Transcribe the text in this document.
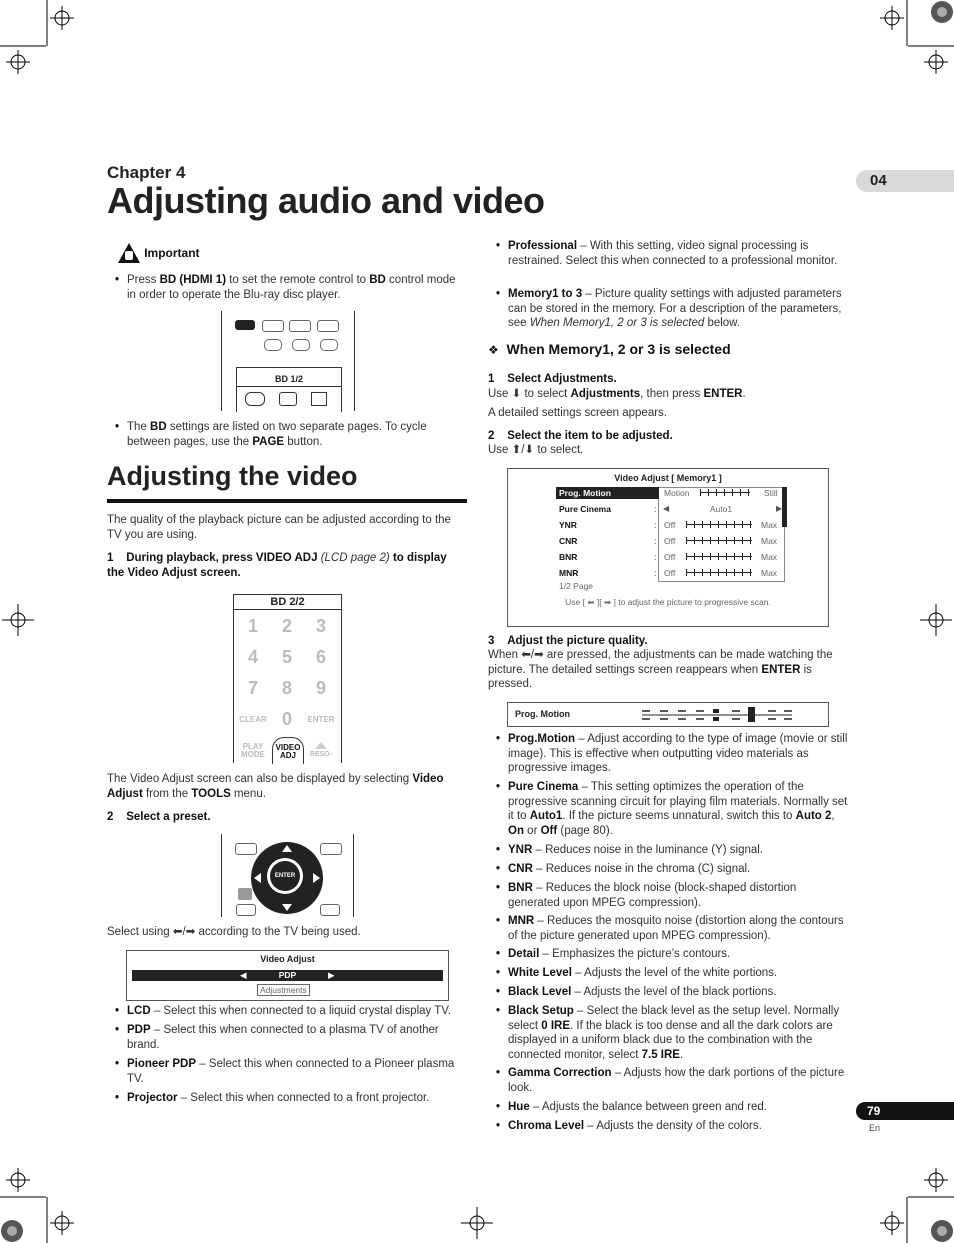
Chapter 4
Adjusting audio and video	04
Important
• Press BD (HDMI 1) to set the remote control to BD control mode in order to operate the Blu-ray disc player.
BD 1/2
• The BD settings are listed on two separate pages. To cycle between pages, use the PAGE button.
Adjusting the video
The quality of the playback picture can be adjusted according to the TV you are using.
1 During playback, press VIDEO ADJ (LCD page 2) to display the Video Adjust screen.
BD 2/2
1	2	3
4	5	6
7	8	9
CLEAR 0	ENTER
PLAY
MODE
VIDEO
ADJ	RESO-
The Video Adjust screen can also be displayed by selecting Video Adjust from the TOOLS menu.
2 Select a preset.
ENTER
Select using ⬅/➡ according to the TV being used.
Video Adjust
◀	PDP	▶
Adjustments
• LCD – Select this when connected to a liquid crystal display TV.
• PDP – Select this when connected to a plasma TV of another brand.
• Pioneer PDP – Select this when connected to a Pioneer plasma TV.
• Projector – Select this when connected to a front projector.
• Professional – With this setting, video signal processing is restrained. Select this when connected to a professional monitor.
• Memory1 to 3 – Picture quality settings with adjusted parameters can be stored in the memory. For a description of the parameters, see When Memory1, 2 or 3 is selected below.
❖ When Memory1, 2 or 3 is selected
1 Select Adjustments.
Use ⬇ to select Adjustments, then press ENTER.
A detailed settings screen appears.
2 Select the item to be adjusted.
Use ⬆/⬇ to select.
Video Adjust [ Memory1 ]
Prog. Motion	: Motion	Still
Pure Cinema	: ◀	Auto1	▶
YNR	: Off	Max
CNR	: Off	Max
BNR	: Off	Max
MNR	: Off	Max
1/2 Page
Use [ ⬅ ][ ➡ ] to adjust the picture to progressive scan.
3 Adjust the picture quality.
When ⬅/➡ are pressed, the adjustments can be made watching the picture. The detailed settings screen reappears when ENTER is pressed.
Prog. Motion
• Prog.Motion – Adjust according to the type of image (movie or still image). This is effective when outputting video materials as progressive images.
• Pure Cinema – This setting optimizes the operation of the progressive scanning circuit for playing film materials. Normally set it to Auto1. If the picture seems unnatural, switch this to Auto 2, On or Off (page 80).
• YNR – Reduces noise in the luminance (Y) signal.
• CNR – Reduces noise in the chroma (C) signal.
• BNR – Reduces the block noise (block-shaped distortion generated upon MPEG compression).
• MNR – Reduces the mosquito noise (distortion along the contours of the picture generated upon MPEG compression).
• Detail – Emphasizes the picture’s contours.
• White Level – Adjusts the level of the white portions.
• Black Level – Adjusts the level of the black portions.
• Black Setup – Select the black level as the setup level. Normally select 0 IRE. If the black is too dense and all the dark colors are displayed in a uniform black due to the combination with the connected monitor, select 7.5 IRE.
• Gamma Correction – Adjusts how the dark portions of the picture look.
• Hue – Adjusts the balance between green and red.
• Chroma Level – Adjusts the density of the colors.
79
En
